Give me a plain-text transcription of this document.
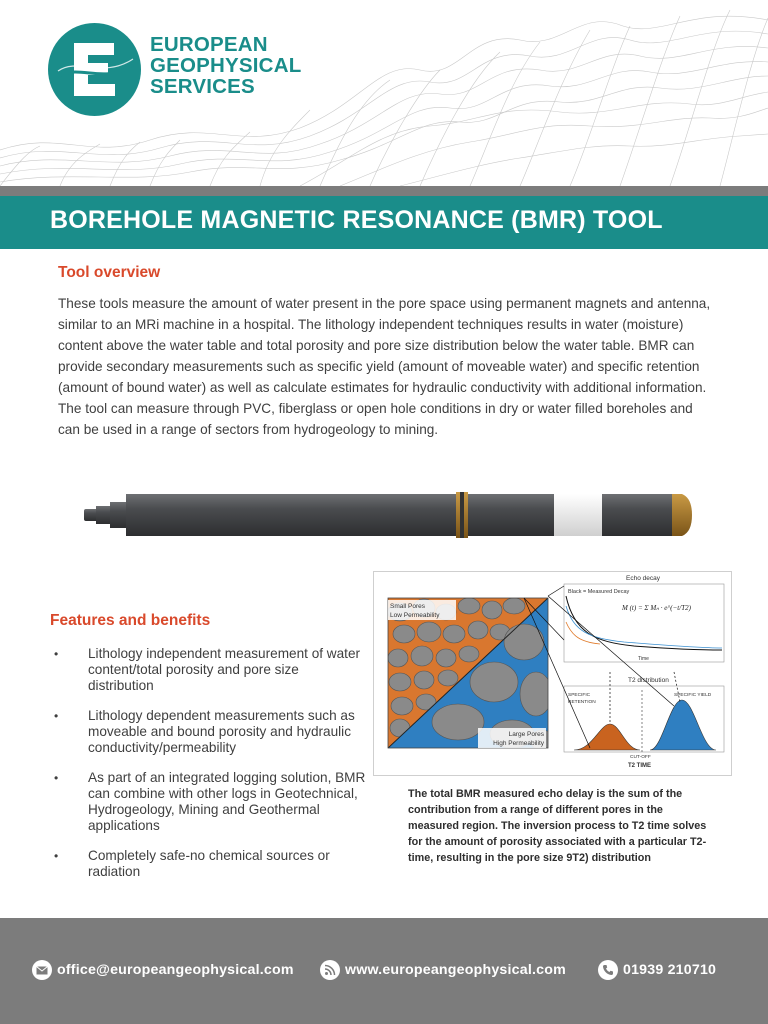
EUROPEAN
GEOPHYSICAL
SERVICES
BOREHOLE MAGNETIC RESONANCE (BMR) TOOL
Tool overview

These tools measure the amount of water present in the pore space using permanent magnets and antenna, similar to an MRi machine in a hospital. The lithology independent techniques results in water (moisture) content above the water table and total porosity and pore size distribution below the water table. BMR can provide secondary measurements such as specific yield (amount of moveable water) and specific retention (amount of bound water) as well as calculate estimates for hydraulic conductivity with additional information. The tool can measure through PVC, fiberglass or open hole conditions in dry or water filled boreholes and can be used in a range of sectors from hydrogeology to mining.

Features and benefits
• Lithology independent measurement of water content/total porosity and pore size distribution
• Lithology dependent measurements such as moveable and bound porosity and hydraulic conductivity/permeability
• As part of an integrated logging solution, BMR can combine with other logs in Geotechnical, Hydrogeology, Mining and Geothermal applications
• Completely safe-no chemical sources or radiation
Small Pores
Low Permeability
Large Pores
High Permeability
Echo decay
Black = Measured Decay
M (t) = Σ Mₙ · e^(−t/T2)
Time
T2 distribution
SPECIFIC
RETENTION
SPECIFIC YIELD
CUT-OFF
T2 TIME

The total BMR measured echo delay is the sum of the contribution from a range of different pores in the measured region. The inversion process to T2 time solves for the amount of porosity associated with a particular T2-time, resulting in the pore size 9T2) distribution

office@europeangeophysical.com	www.europeangeophysical.com	01939 210710
